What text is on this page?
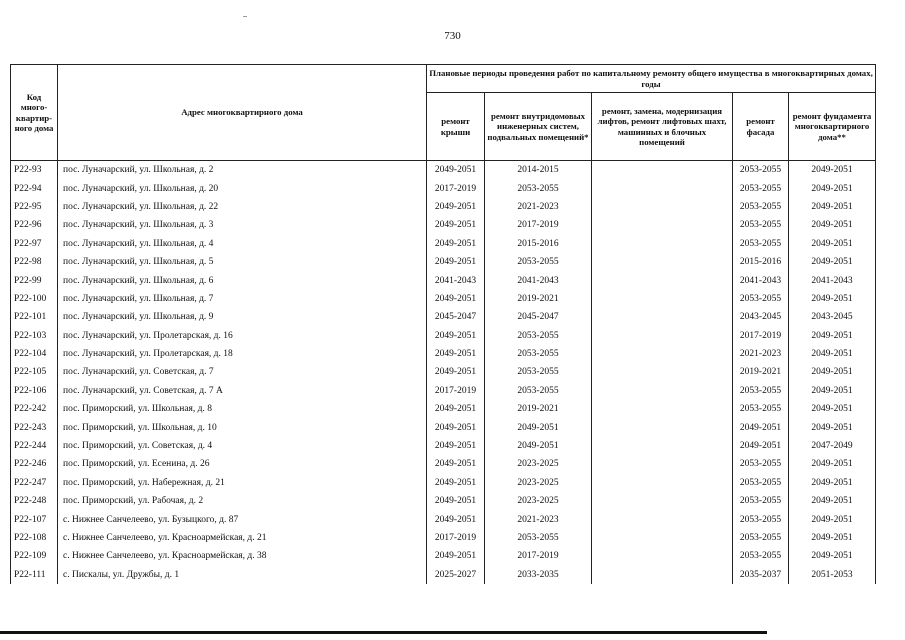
730
Код много-квартир-ного дома	Адрес многоквартирного дома	Плановые периоды проведения работ по капитальному ремонту общего имущества в многоквартирных домах, годы				
		ремонт крыши	ремонт внутридомовых инженерных систем, подвальных помещений*	ремонт, замена, модернизация лифтов, ремонт лифтовых шахт, машинных и блочных помещений	ремонт фасада	ремонт фундамента многоквартирного дома**
Р22-93	пос. Луначарский, ул. Школьная, д. 2	2049-2051	2014-2015		2053-2055	2049-2051
Р22-94	пос. Луначарский, ул. Школьная, д. 20	2017-2019	2053-2055		2053-2055	2049-2051
Р22-95	пос. Луначарский, ул. Школьная, д. 22	2049-2051	2021-2023		2053-2055	2049-2051
Р22-96	пос. Луначарский, ул. Школьная, д. 3	2049-2051	2017-2019		2053-2055	2049-2051
Р22-97	пос. Луначарский, ул. Школьная, д. 4	2049-2051	2015-2016		2053-2055	2049-2051
Р22-98	пос. Луначарский, ул. Школьная, д. 5	2049-2051	2053-2055		2015-2016	2049-2051
Р22-99	пос. Луначарский, ул. Школьная, д. 6	2041-2043	2041-2043		2041-2043	2041-2043
Р22-100	пос. Луначарский, ул. Школьная, д. 7	2049-2051	2019-2021		2053-2055	2049-2051
Р22-101	пос. Луначарский, ул. Школьная, д. 9	2045-2047	2045-2047		2043-2045	2043-2045
Р22-103	пос. Луначарский, ул. Пролетарская, д. 16	2049-2051	2053-2055		2017-2019	2049-2051
Р22-104	пос. Луначарский, ул. Пролетарская, д. 18	2049-2051	2053-2055		2021-2023	2049-2051
Р22-105	пос. Луначарский, ул. Советская, д. 7	2049-2051	2053-2055		2019-2021	2049-2051
Р22-106	пос. Луначарский, ул. Советская, д. 7 А	2017-2019	2053-2055		2053-2055	2049-2051
Р22-242	пос. Приморский, ул. Школьная, д. 8	2049-2051	2019-2021		2053-2055	2049-2051
Р22-243	пос. Приморский, ул. Школьная, д. 10	2049-2051	2049-2051		2049-2051	2049-2051
Р22-244	пос. Приморский, ул. Советская, д. 4	2049-2051	2049-2051		2049-2051	2047-2049
Р22-246	пос. Приморский, ул. Есенина, д. 26	2049-2051	2023-2025		2053-2055	2049-2051
Р22-247	пос. Приморский, ул. Набережная, д. 21	2049-2051	2023-2025		2053-2055	2049-2051
Р22-248	пос. Приморский, ул. Рабочая, д. 2	2049-2051	2023-2025		2053-2055	2049-2051
Р22-107	с. Нижнее Санчелеево, ул. Бузыцкого, д. 87	2049-2051	2021-2023		2053-2055	2049-2051
Р22-108	с. Нижнее Санчелеево, ул. Красноармейская, д. 21	2017-2019	2053-2055		2053-2055	2049-2051
Р22-109	с. Нижнее Санчелеево, ул. Красноармейская, д. 38	2049-2051	2017-2019		2053-2055	2049-2051
Р22-111	с. Пискалы, ул. Дружбы, д. 1	2025-2027	2033-2035		2035-2037	2051-2053
